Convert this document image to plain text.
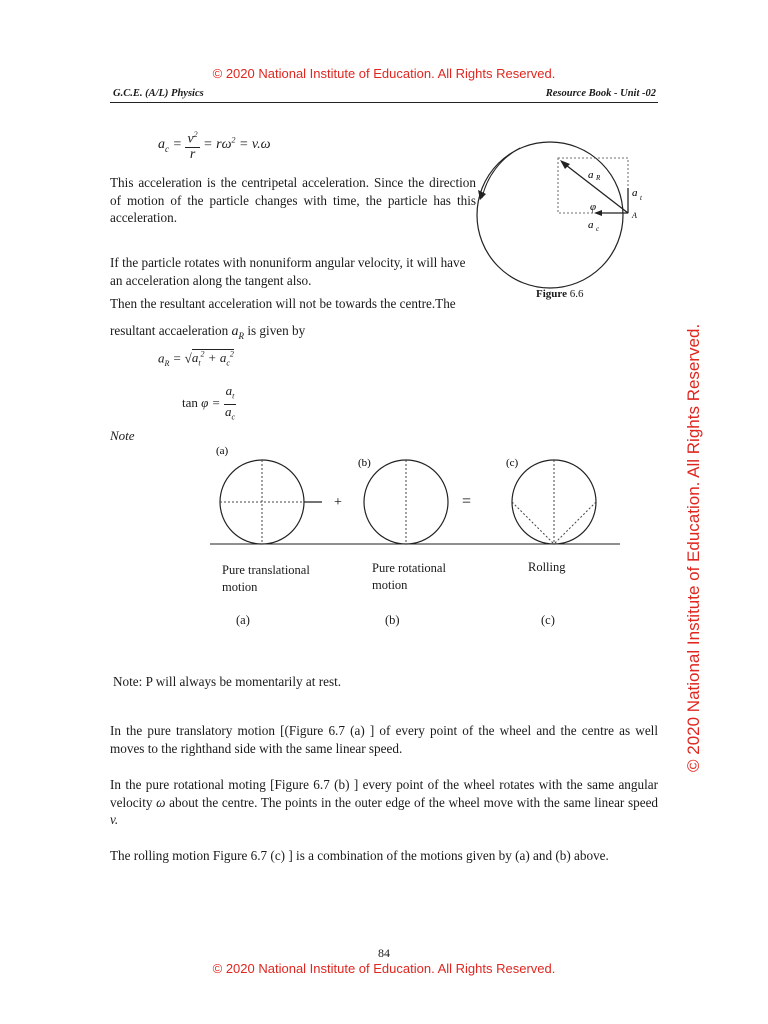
© 2020 National Institute of Education. All Rights Reserved.
G.C.E. (A/L) Physics	Resource Book - Unit -02
$a_c = \frac{v^2}{r} = r\omega^2 = v.\omega$
This acceleration is the centripetal acceleration. Since the direction of motion of the particle changes with time, the particle has this acceleration.
If the particle rotates with nonuniform angular velocity, it will have an acceleration along the tangent also.
Then the resultant acceleration will not be towards the centre.The
resultant accaeleration $a_R$ is given by
$a_R = √a_t^2 + a_c^2$
$\tan \varphi = \frac{a_t}{a_c}$
a R
a t
φ
A
a c
Figure 6.6
Note
(a)
(b)	(c)
=
+
Pure translational
motion
Pure rotational
motion
Rolling
(a)	(b)	(c)
Note: P will always be momentarily at rest.
In the pure translatory motion [(Figure 6.7 (a) ] of every point of the wheel and the centre as well moves to the righthand side with the same linear speed.
In the pure rotational moting [Figure 6.7 (b) ] every point of the wheel rotates with the same angular velocity ω about the centre. The points in the outer edge of the wheel move with the same linear speed v.
The rolling motion Figure 6.7 (c) ] is a combination of the motions given by (a) and (b) above.
84
© 2020 National Institute of Education. All Rights Reserved.
© 2020 National Institute of Education. All Rights Reserved.
